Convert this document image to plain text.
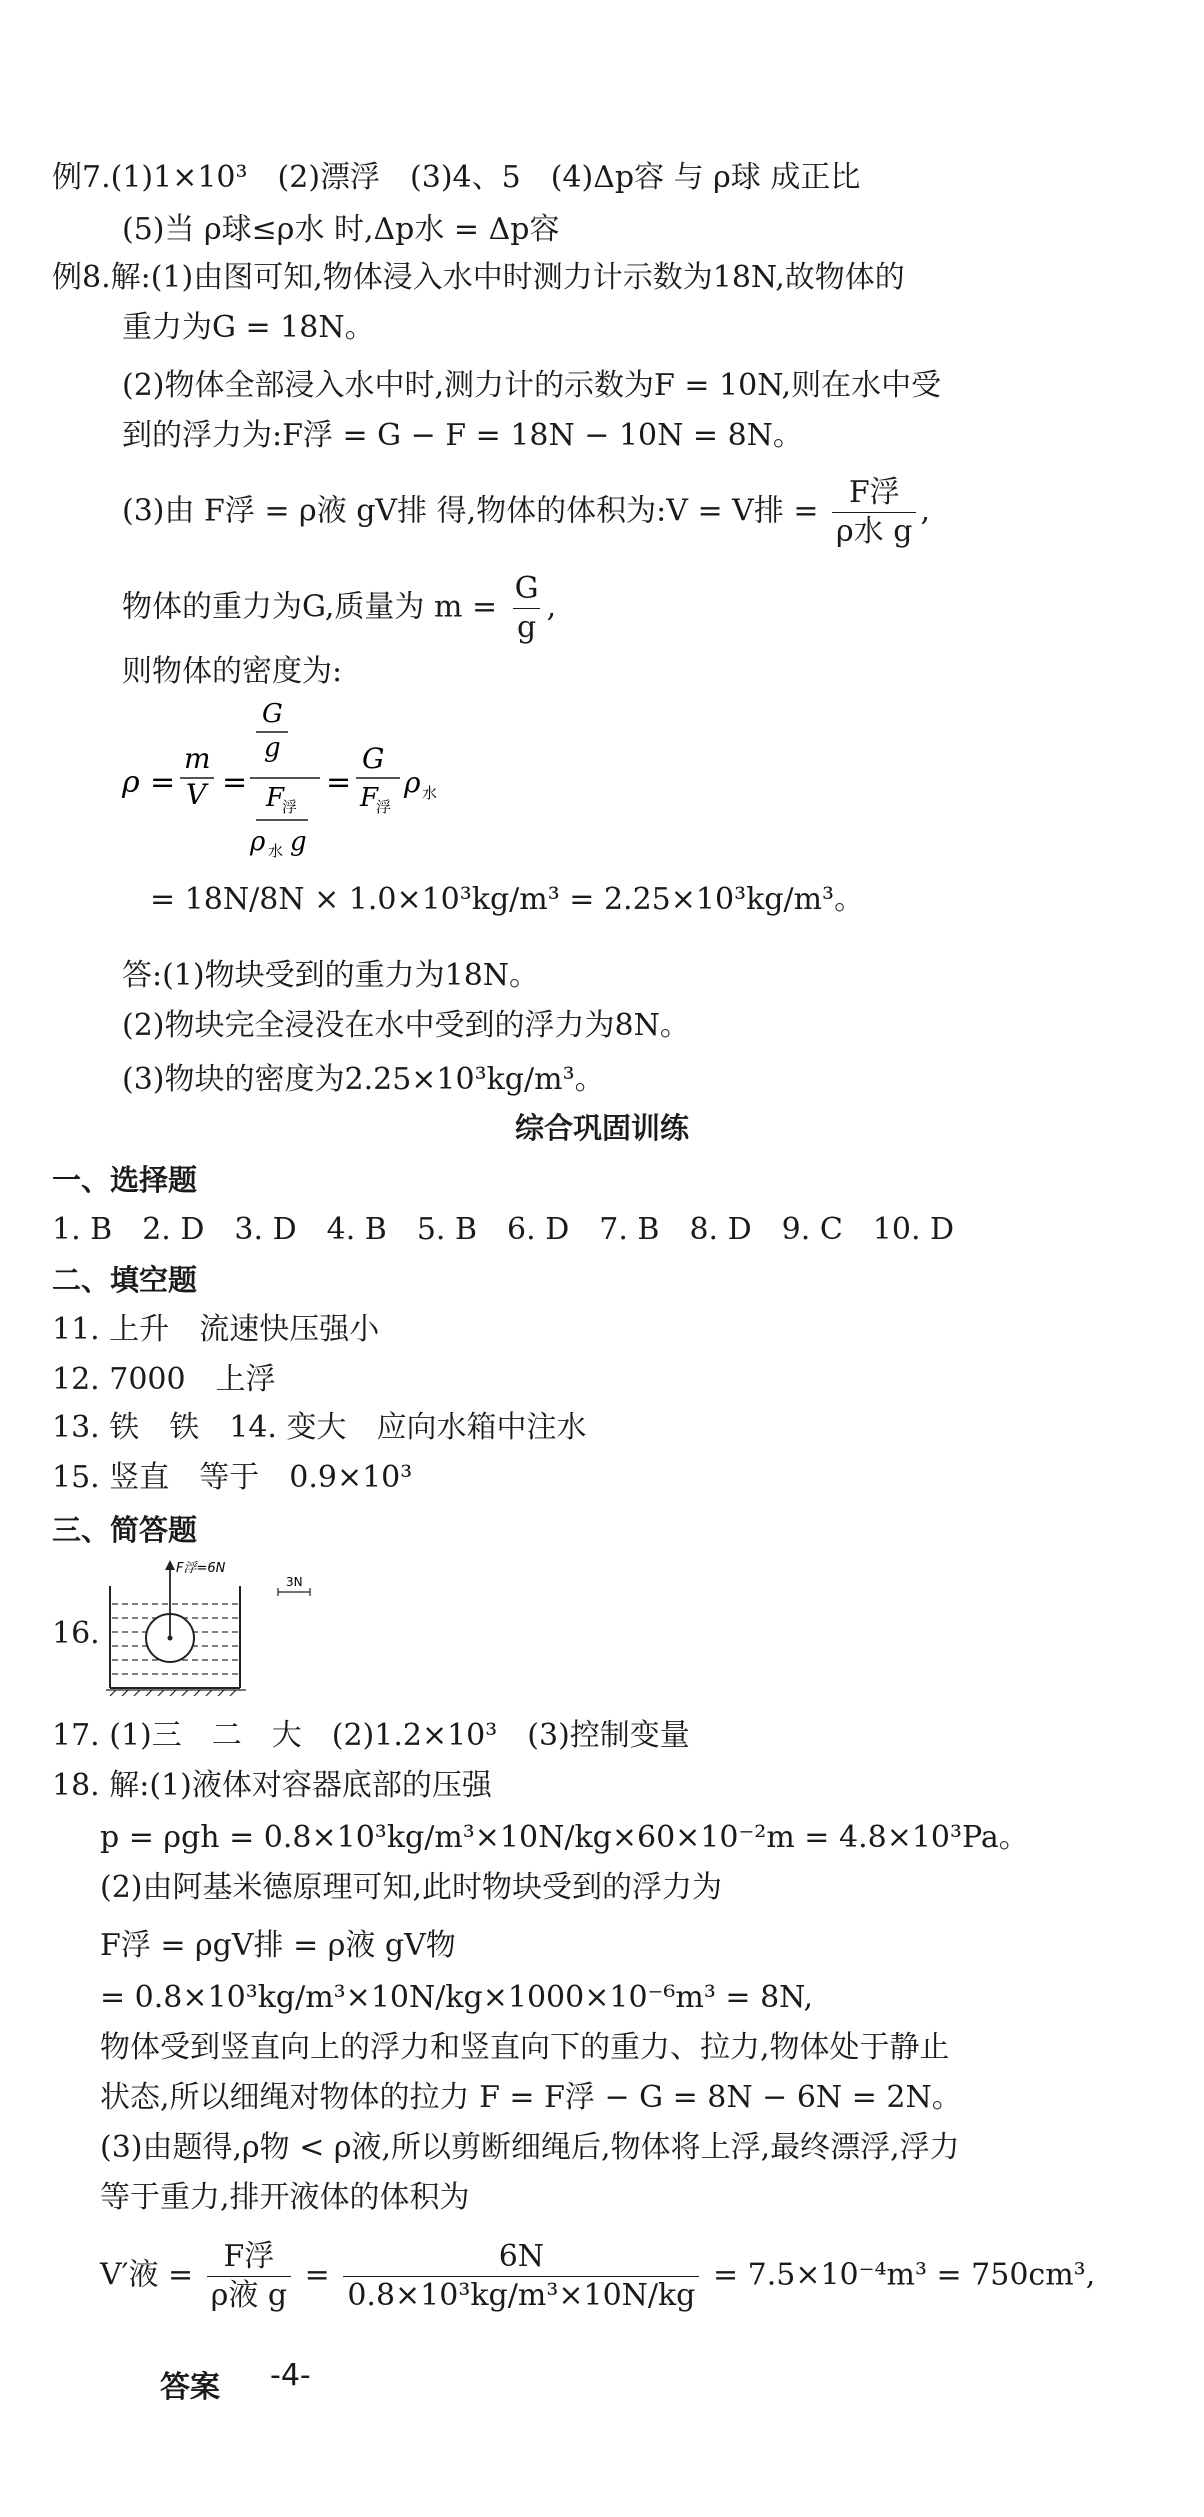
例7.(1)1×10³　(2)漂浮　(3)4、5　(4)Δp容 与 ρ球 成正比
(5)当 ρ球≤ρ水 时,Δp水 = Δp容
例8.解:(1)由图可知,物体浸入水中时测力计示数为18N,故物体的
重力为G = 18N。
(2)物体全部浸入水中时,测力计的示数为F = 10N,则在水中受
到的浮力为:F浮 = G − F = 18N − 10N = 8N。
(3)由 F浮 = ρ液 gV排 得,物体的体积为:V = V排 = $\frac{\text{F浮}}{\text{ρ水 g}}$ ,
物体的重力为G,质量为 $m = \frac{G}{g}$ ,
则物体的密度为:
ρ =
m
V =
G
g
F
浮
ρ 水 g
=
G
F
浮
ρ 水
= 18N/8N × 1.0×10³kg/m³ = 2.25×10³kg/m³。
答:(1)物块受到的重力为18N。
(2)物块完全浸没在水中受到的浮力为8N。
(3)物块的密度为2.25×10³kg/m³。
综合巩固训练
一、选择题
1. B　2. D　3. D　4. B　5. B　6. D　7. B　8. D　9. C　10. D
二、填空题
11. 上升　流速快压强小
12. 7000　上浮
13. 铁　铁　14. 变大　应向水箱中注水
15. 竖直　等于　0.9×10³
三、简答题
16.
F浮=6N
3N
17. (1)三　二　大　(2)1.2×10³　(3)控制变量
18. 解:(1)液体对容器底部的压强
p = ρgh = 0.8×10³kg/m³×10N/kg×60×10⁻²m = 4.8×10³Pa。
(2)由阿基米德原理可知,此时物块受到的浮力为
F浮 = ρgV排 = ρ液 gV物
= 0.8×10³kg/m³×10N/kg×1000×10⁻⁶m³ = 8N,
物体受到竖直向上的浮力和竖直向下的重力、拉力,物体处于静止
状态,所以细绳对物体的拉力 F = F浮 − G = 8N − 6N = 2N。
(3)由题得,ρ物 < ρ液,所以剪断细绳后,物体将上浮,最终漂浮,浮力
等于重力,排开液体的体积为
V′液 = $\frac{\text{F浮}}{\text{ρ液 g}} = \frac{6N}{\text{0.8×10³kg/m³×10N/kg}} = 7.5\times 10^{-4}m^3 = 750cm^3$,
答案 -4-
